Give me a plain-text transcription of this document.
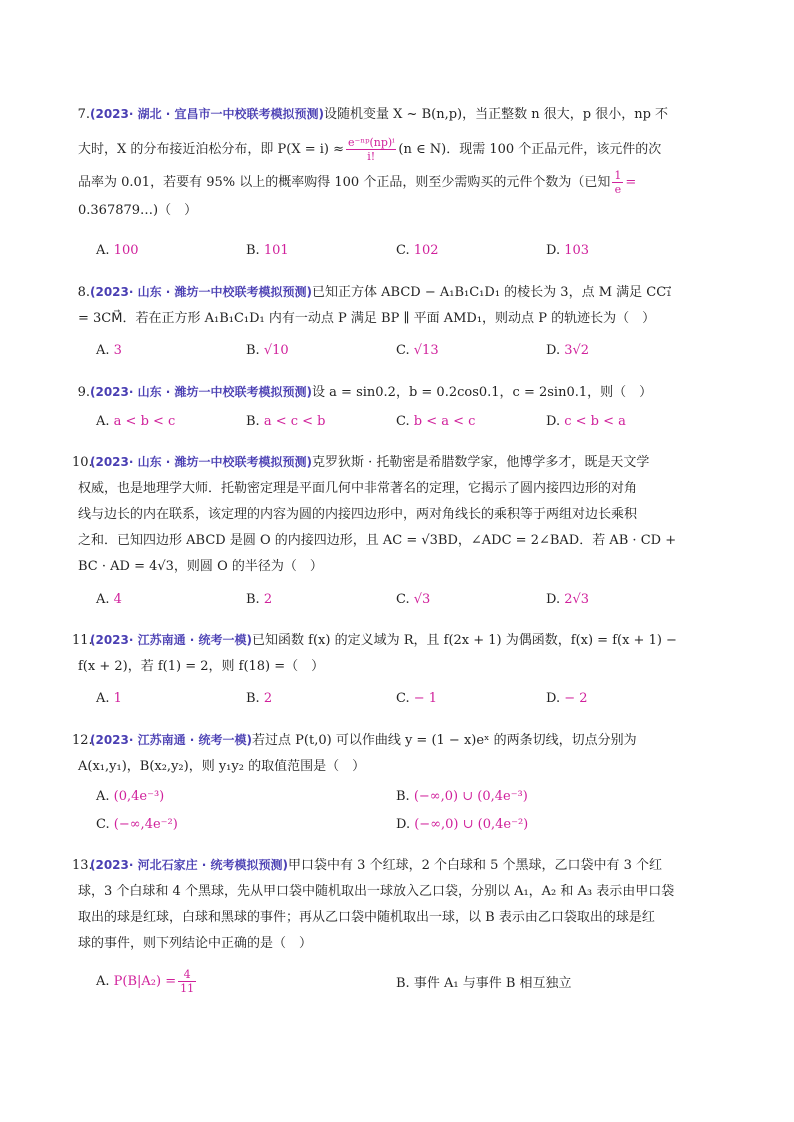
7.(2023· 湖北 · 宜昌市一中校联考模拟预测)设随机变量 X ~ B(n,p)，当正整数 n 很大，p 很小，np 不
大时，X 的分布接近泊松分布，即 $P(X = i) \approx \frac{\text{e⁻ⁿᵖ(np)ⁱ}}{i!} (n$ ∈ N)．现需 100 个正品元件，该元件的次
品率为 0.01，若要有 95% 以上的概率购得 100 个正品，则至少需购买的元件个数为（已知 $\frac{1}{e}$ =
0.367879…)（　）
A. 100	B. 101	C. 102	D. 103
8.(2023· 山东 · 潍坊一中校联考模拟预测)已知正方体 ABCD − A₁B₁C₁D₁ 的棱长为 3，点 M 满足 CC₁⃗
= 3CM⃗．若在正方形 A₁B₁C₁D₁ 内有一动点 P 满足 BP ∥ 平面 AMD₁，则动点 P 的轨迹长为（　）
A. 3	B. √10	C. √13	D. 3√2
9.(2023· 山东 · 潍坊一中校联考模拟预测)设 a = sin0.2，b = 0.2cos0.1，c = 2sin0.1，则（　）
A. a < b < c	B. a < c < b	C. b < a < c	D. c < b < a
10.(2023· 山东 · 潍坊一中校联考模拟预测)克罗狄斯 · 托勒密是希腊数学家，他博学多才，既是天文学
权威，也是地理学大师．托勒密定理是平面几何中非常著名的定理，它揭示了圆内接四边形的对角
线与边长的内在联系，该定理的内容为圆的内接四边形中，两对角线长的乘积等于两组对边长乘积
之和．已知四边形 ABCD 是圆 O 的内接四边形，且 AC = √3BD，∠ADC = 2∠BAD．若 AB · CD +
BC · AD = 4√3，则圆 O 的半径为（　）
A. 4	B. 2	C. √3	D. 2√3
11.(2023· 江苏南通 · 统考一模)已知函数 f(x) 的定义域为 R，且 f(2x + 1) 为偶函数，f(x) = f(x + 1) −
f(x + 2)，若 f(1) = 2，则 f(18) =（　）
A. 1	B. 2	C. − 1	D. − 2
12.(2023· 江苏南通 · 统考一模)若过点 P(t,0) 可以作曲线 y = (1 − x)eˣ 的两条切线，切点分别为
A(x₁,y₁)，B(x₂,y₂)，则 y₁y₂ 的取值范围是（　）
A. (0,4e⁻³)	B. (−∞,0) ∪ (0,4e⁻³)
C. (−∞,4e⁻²)	D. (−∞,0) ∪ (0,4e⁻²)
13.(2023· 河北石家庄 · 统考模拟预测)甲口袋中有 3 个红球，2 个白球和 5 个黑球，乙口袋中有 3 个红
球，3 个白球和 4 个黑球，先从甲口袋中随机取出一球放入乙口袋，分别以 A₁，A₂ 和 A₃ 表示由甲口袋
取出的球是红球，白球和黑球的事件；再从乙口袋中随机取出一球，以 B 表示由乙口袋取出的球是红
球的事件，则下列结论中正确的是（　）
A. $P(B|A_2) = \frac{4}{11}$	B. 事件 A₁ 与事件 B 相互独立
